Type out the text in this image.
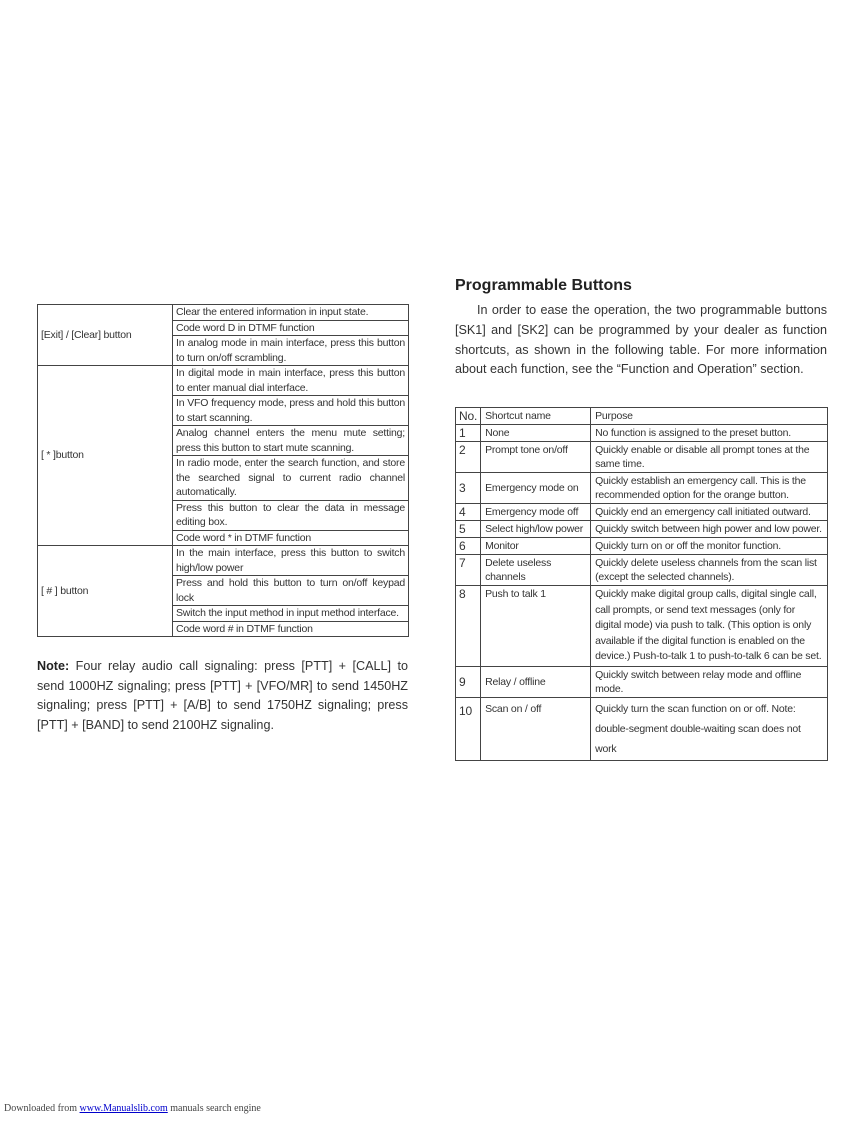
[Exit] / [Clear] button	Clear the entered information in input state.
	Code word D in DTMF function
	In analog mode in main interface, press this button to turn on/off scrambling.
[ * ]button	In digital mode in main interface, press this button to enter manual dial interface.
	In VFO frequency mode, press and hold this button to start scanning.
	Analog channel enters the menu mute setting; press this button to start mute scanning.
	In radio mode, enter the search function, and store the searched signal to current radio channel automatically.
	Press this button to clear the data in message editing box.
	Code word * in DTMF function
[ # ] button	In the main interface, press this button to switch high/low power
	Press and hold this button to turn on/off keypad lock
	Switch the input method in input method interface.
	Code word # in DTMF function
Note: Four relay audio call signaling: press [PTT] + [CALL] to send 1000HZ signaling; press [PTT] + [VFO/MR] to send 1450HZ signaling; press [PTT] + [A/B] to send 1750HZ signaling; press [PTT] + [BAND] to send 2100HZ signaling.
Programmable Buttons
In order to ease the operation, the two programmable buttons [SK1] and [SK2] can be programmed by your dealer as function shortcuts, as shown in the following table. For more information about each function, see the “Function and Operation” section.
No.	Shortcut name	Purpose
1	None	No function is assigned to the preset button.
2	Prompt tone on/off	Quickly enable or disable all prompt tones at the same time.
3	Emergency mode on	Quickly establish an emergency call. This is the recommended option for the orange button.
4	Emergency mode off	Quickly end an emergency call initiated outward.
5	Select high/low power	Quickly switch between high power and low power.
6	Monitor	Quickly turn on or off the monitor function.
7	Delete useless channels	Quickly delete useless channels from the scan list (except the selected channels).
8	Push to talk 1	Quickly make digital group calls, digital single call, call prompts, or send text messages (only for digital mode) via push to talk. (This option is only available if the digital function is enabled on the device.) Push-to-talk 1 to push-to-talk 6 can be set.
9	Relay / offline	Quickly switch between relay mode and offline mode.
10	Scan on / off	Quickly turn the scan function on or off. Note: double-segment double-waiting scan does not work
Downloaded from www.Manualslib.com manuals search engine
